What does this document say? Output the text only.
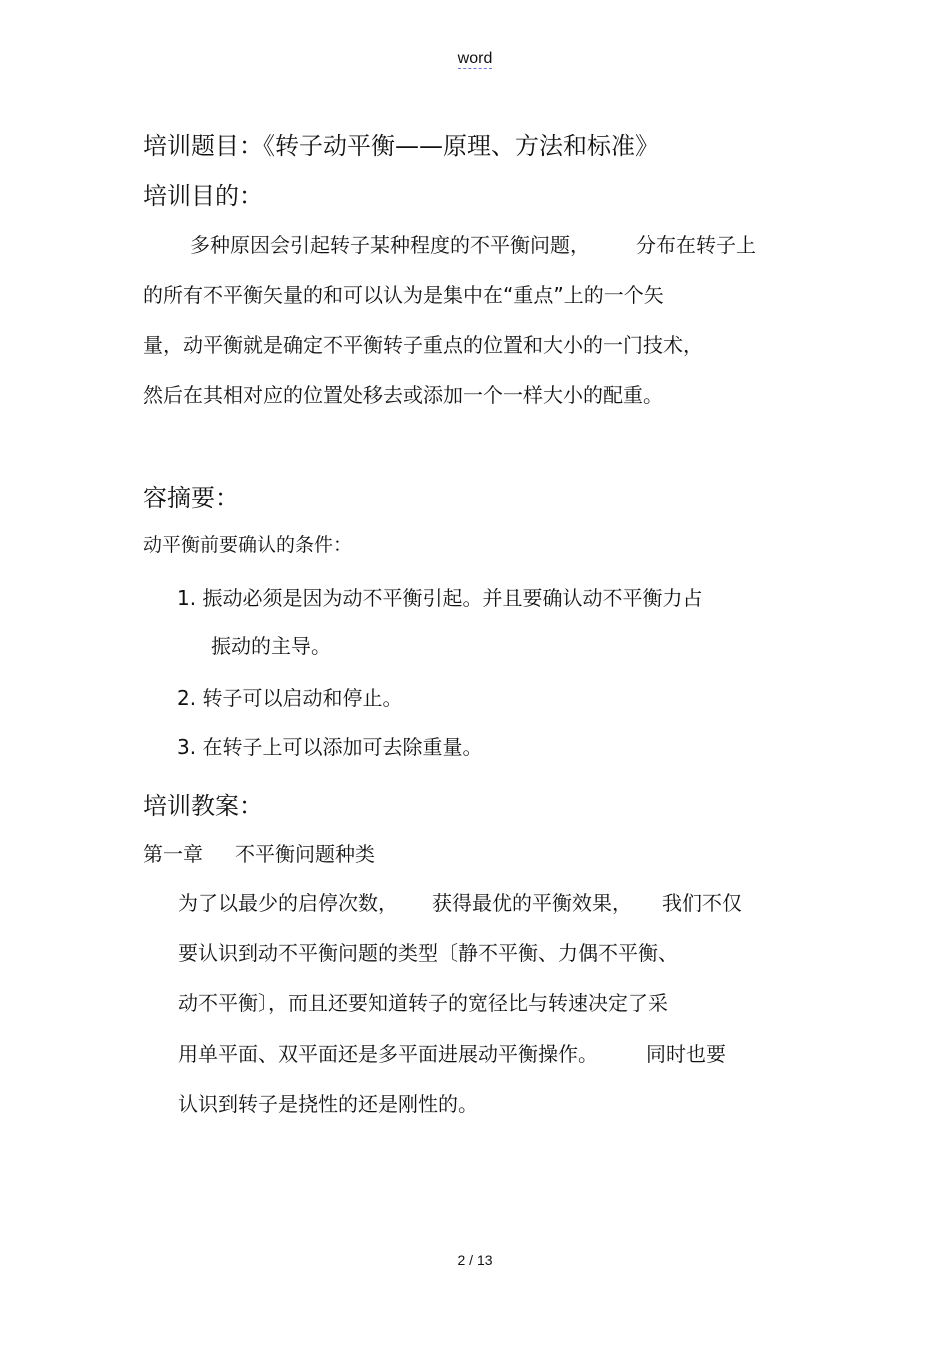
word
培训题目：《转子动平衡——原理、方法和标准》
培训目的：
多种原因会引起转子某种程度的不平衡问题， 分布在转子上
的所有不平衡矢量的和可以认为是集中在“重点”上的一个矢
量，动平衡就是确定不平衡转子重点的位置和大小的一门技术，
然后在其相对应的位置处移去或添加一个一样大小的配重。
容摘要：
动平衡前要确认的条件：
1. 振动必须是因为动不平衡引起。并且要确认动不平衡力占
振动的主导。
2. 转子可以启动和停止。
3. 在转子上可以添加可去除重量。
培训教案：
第一章 不平衡问题种类
为了以最少的启停次数， 获得最优的平衡效果， 我们不仅
要认识到动不平衡问题的类型〔静不平衡、力偶不平衡、
动不平衡〕，而且还要知道转子的宽径比与转速决定了采
用单平面、双平面还是多平面进展动平衡操作。 同时也要
认识到转子是挠性的还是刚性的。
2 / 13
